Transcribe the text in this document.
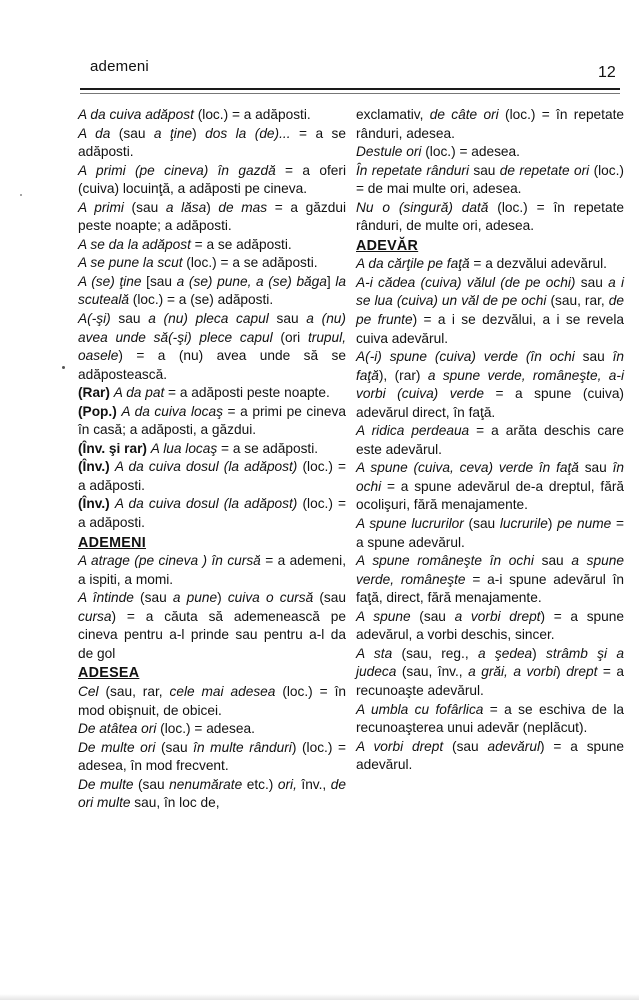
ademeni	12

A da cuiva adăpost (loc.) = a adăposti.

A da (sau a ţine) dos la (de)... = a se adăposti.

A primi (pe cineva) în gazdă = a oferi (cuiva) locuinţă, a adăposti pe cineva.

A primi (sau a lăsa) de mas = a găzdui peste noapte; a adăposti.

A se da la adăpost = a se adăposti.

A se pune la scut (loc.) = a se adăposti.

A (se) ţine [sau a (se) pune, a (se) băga] la scuteală (loc.) = a (se) adăposti.

A(-şi) sau a (nu) pleca capul sau a (nu) avea unde să(-şi) plece capul (ori trupul, oasele) = a (nu) avea unde să se adăpostească.

(Rar) A da pat = a adăposti peste noapte.

(Pop.) A da cuiva locaş = a primi pe cineva în casă; a adăposti, a găzdui.

(Înv. şi rar) A lua locaş = a se adăposti.

(Înv.) A da cuiva dosul (la adăpost) (loc.) = a adăposti.

(Înv.) A da cuiva dosul (la adăpost) (loc.) = a adăposti.

ADEMENI

A atrage (pe cineva ) în cursă = a ademeni, a ispiti, a momi.

A întinde (sau a pune) cuiva o cursă (sau cursa) = a căuta să ademenească pe cineva pentru a-l prinde sau pentru a-l da de gol

ADESEA

Cel (sau, rar, cele mai adesea (loc.) = în mod obişnuit, de obicei.

De atâtea ori (loc.) = adesea.

De multe ori (sau în multe rânduri) (loc.) = adesea, în mod frecvent.

De multe (sau nenumărate etc.) ori, înv., de ori multe sau, în loc de,

exclamativ, de câte ori (loc.) = în repetate rânduri, adesea.

Destule ori (loc.) = adesea.

În repetate rânduri sau de repetate ori (loc.) = de mai multe ori, adesea.

Nu o (singură) dată (loc.) = în repetate rânduri, de multe ori, adesea.

ADEVĂR

A da cărţile pe faţă = a dezvălui adevărul.

A-i cădea (cuiva) vălul (de pe ochi) sau a i se lua (cuiva) un văl de pe ochi (sau, rar, de pe frunte) = a i se dezvălui, a i se revela cuiva adevărul.

A(-i) spune (cuiva) verde (în ochi sau în faţă), (rar) a spune verde, româneşte, a-i vorbi (cuiva) verde = a spune (cuiva) adevărul direct, în faţă.

A ridica perdeaua = a arăta deschis care este adevărul.

A spune (cuiva, ceva) verde în faţă sau în ochi = a spune adevărul de-a dreptul, fără ocolişuri, fără menajamente.

A spune lucrurilor (sau lucrurile) pe nume = a spune adevărul.

A spune româneşte în ochi sau a spune verde, româneşte = a-i spune adevărul în faţă, direct, fără menajamente.

A spune (sau a vorbi drept) = a spune adevărul, a vorbi deschis, sincer.

A sta (sau, reg., a şedea) strâmb şi a judeca (sau, înv., a grăi, a vorbi) drept = a recunoaşte adevărul.

A umbla cu fofârlica = a se eschiva de la recunoaşterea unui adevăr (neplăcut).

A vorbi drept (sau adevărul) = a spune adevărul.
